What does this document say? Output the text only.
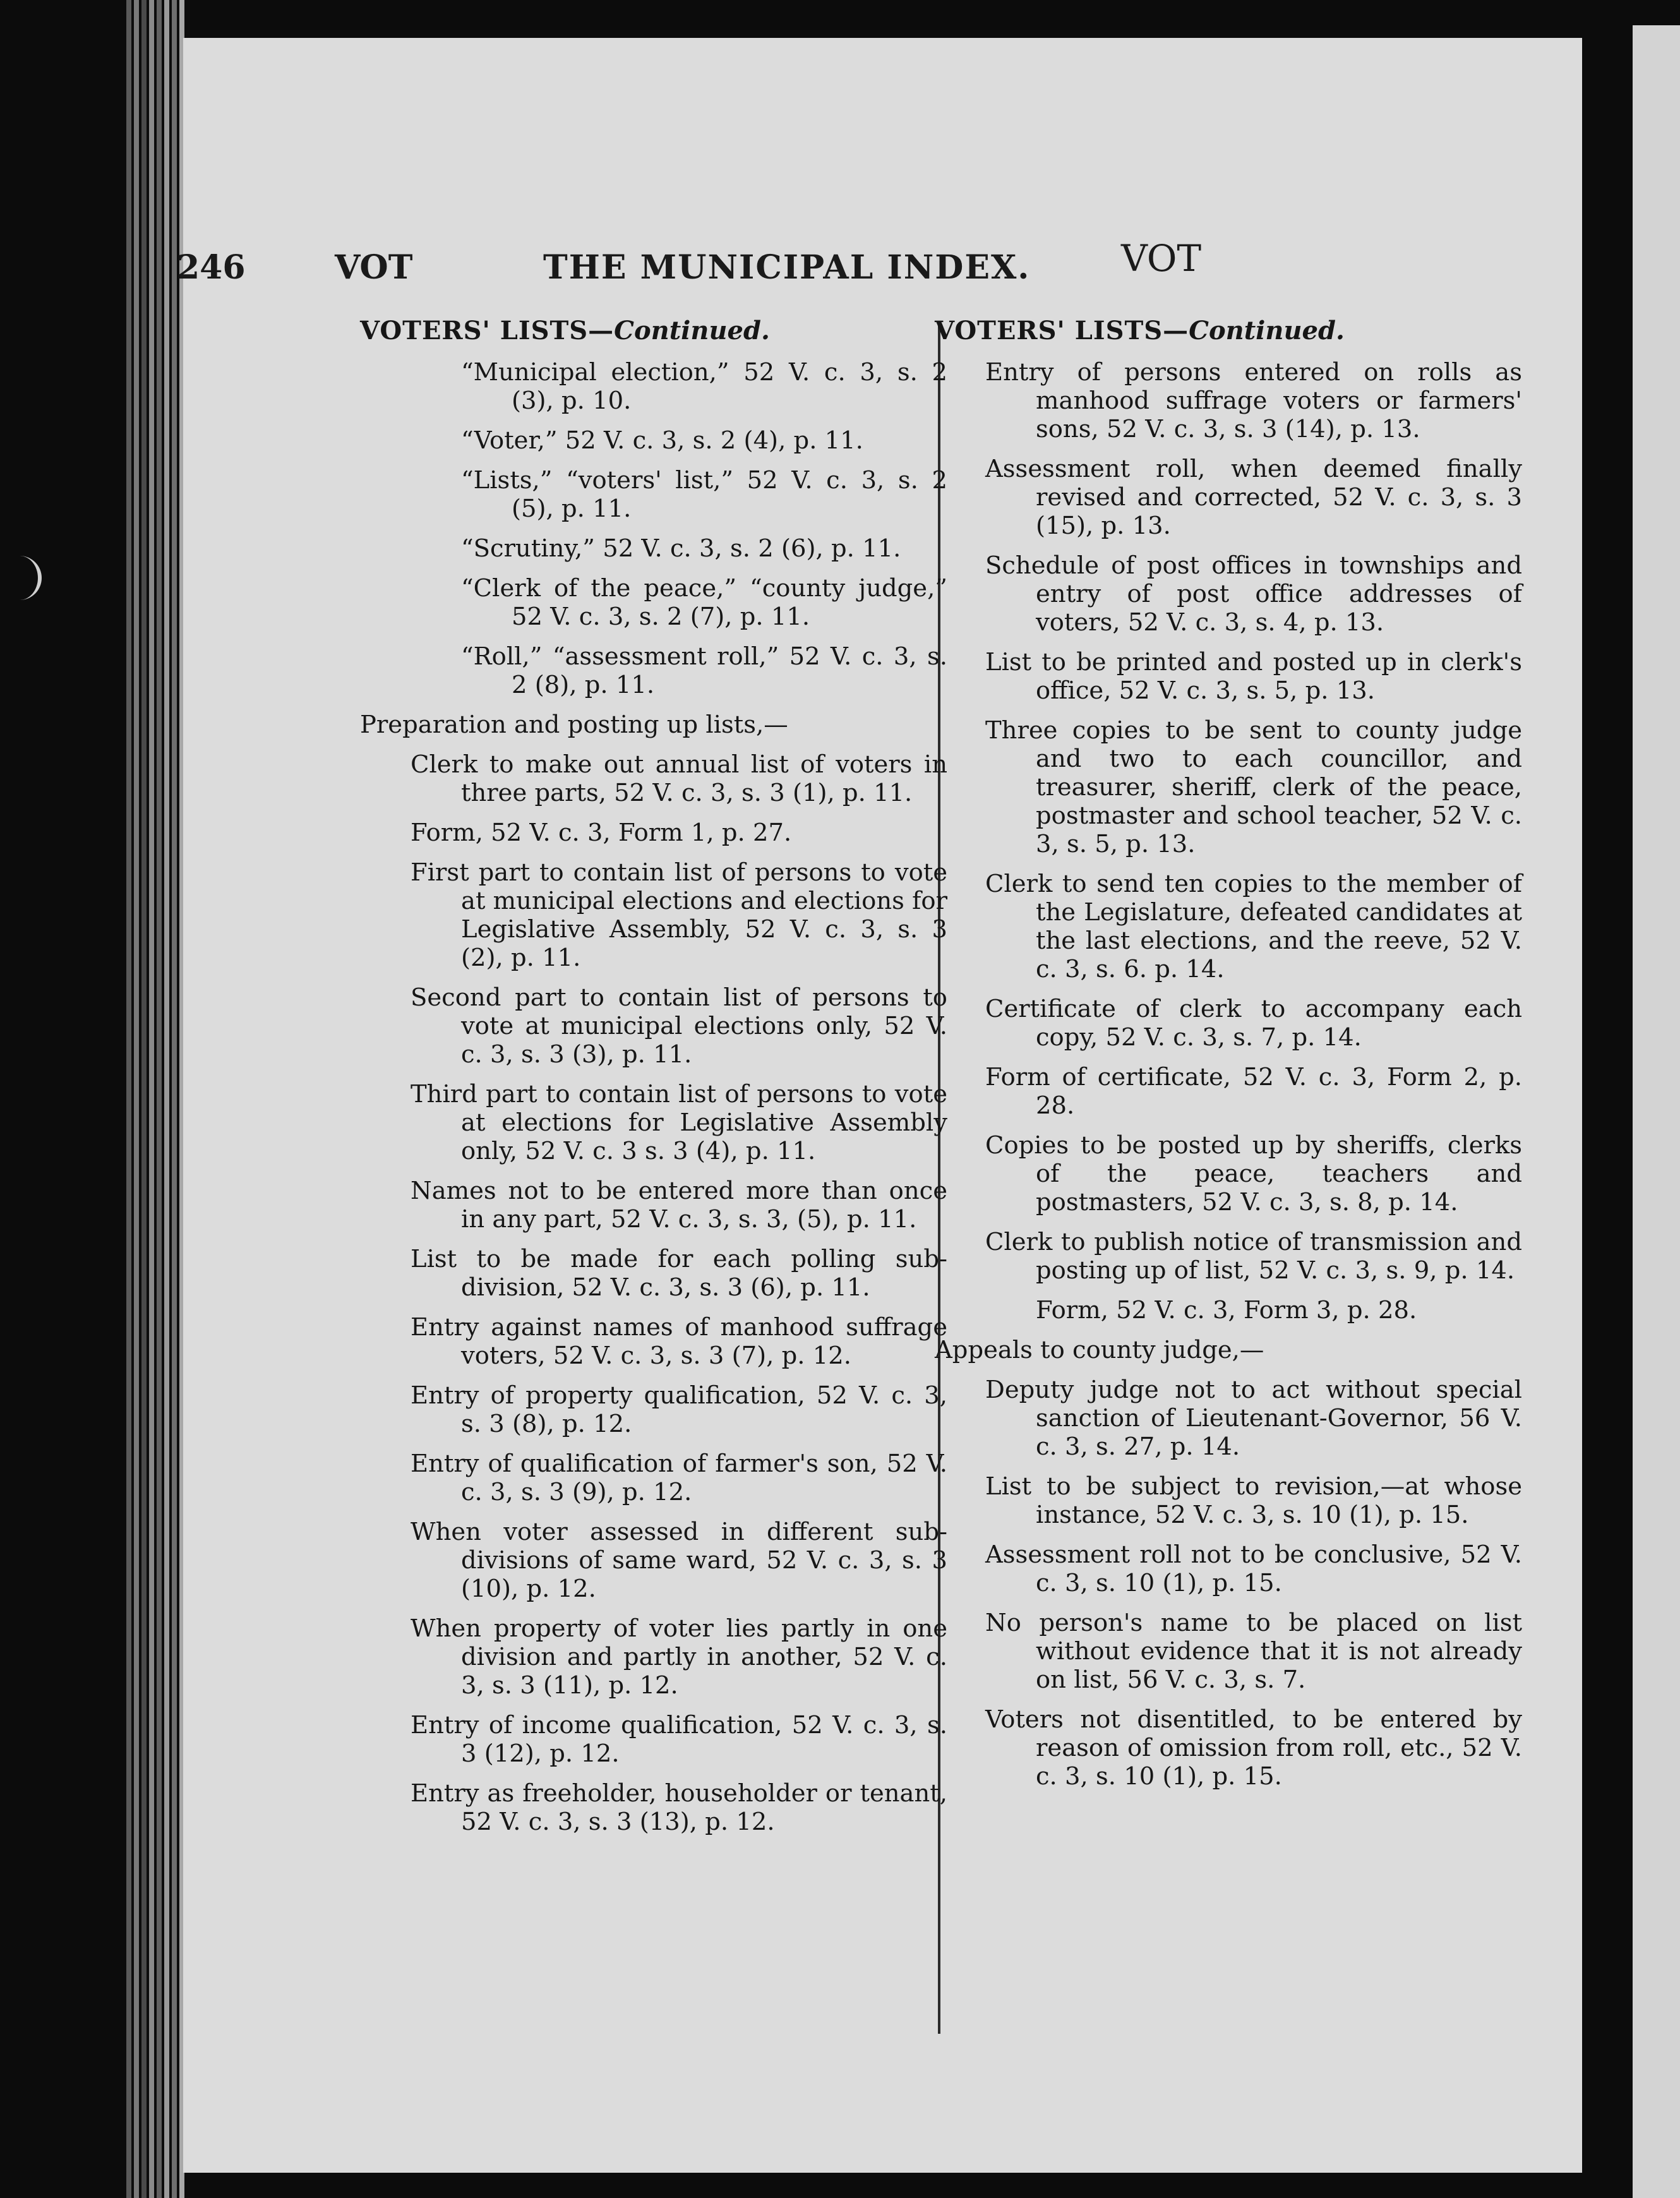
246	VOT	THE MUNICIPAL INDEX. VOT
VOTERS' LISTS—Continued.
“Municipal election,” 52 V. c. 3, s. 2 (3), p. 10.
“Voter,” 52 V. c. 3, s. 2 (4), p. 11.
“Lists,” “voters' list,” 52 V. c. 3, s. 2 (5), p. 11.
“Scrutiny,” 52 V. c. 3, s. 2 (6), p. 11.
“Clerk of the peace,” “county judge,” 52 V. c. 3, s. 2 (7), p. 11.
“Roll,” “assessment roll,” 52 V. c. 3, s. 2 (8), p. 11.
Preparation and posting up lists,—
Clerk to make out annual list of voters in three parts, 52 V. c. 3, s. 3 (1), p. 11.
Form, 52 V. c. 3, Form 1, p. 27.
First part to contain list of persons to vote at municipal elections and elections for Legislative Assembly, 52 V. c. 3, s. 3 (2), p. 11.
Second part to contain list of persons to vote at municipal elections only, 52 V. c. 3, s. 3 (3), p. 11.
Third part to contain list of persons to vote at elections for Legislative Assembly only, 52 V. c. 3 s. 3 (4), p. 11.
Names not to be entered more than once in any part, 52 V. c. 3, s. 3, (5), p. 11.
List to be made for each polling sub-division, 52 V. c. 3, s. 3 (6), p. 11.
Entry against names of manhood suffrage voters, 52 V. c. 3, s. 3 (7), p. 12.
Entry of property qualification, 52 V. c. 3, s. 3 (8), p. 12.
Entry of qualification of farmer's son, 52 V. c. 3, s. 3 (9), p. 12.
When voter assessed in different sub-divisions of same ward, 52 V. c. 3, s. 3 (10), p. 12.
When property of voter lies partly in one division and partly in another, 52 V. c. 3, s. 3 (11), p. 12.
Entry of income qualification, 52 V. c. 3, s. 3 (12), p. 12.
Entry as freeholder, householder or tenant, 52 V. c. 3, s. 3 (13), p. 12.
VOTERS' LISTS—Continued.
Entry of persons entered on rolls as manhood suffrage voters or farmers' sons, 52 V. c. 3, s. 3 (14), p. 13.
Assessment roll, when deemed finally revised and corrected, 52 V. c. 3, s. 3 (15), p. 13.
Schedule of post offices in townships and entry of post office addresses of voters, 52 V. c. 3, s. 4, p. 13.
List to be printed and posted up in clerk's office, 52 V. c. 3, s. 5, p. 13.
Three copies to be sent to county judge and two to each councillor, and treasurer, sheriff, clerk of the peace, postmaster and school teacher, 52 V. c. 3, s. 5, p. 13.
Clerk to send ten copies to the member of the Legislature, defeated candidates at the last elections, and the reeve, 52 V. c. 3, s. 6. p. 14.
Certificate of clerk to accompany each copy, 52 V. c. 3, s. 7, p. 14.
Form of certificate, 52 V. c. 3, Form 2, p. 28.
Copies to be posted up by sheriffs, clerks of the peace, teachers and postmasters, 52 V. c. 3, s. 8, p. 14.
Clerk to publish notice of transmission and posting up of list, 52 V. c. 3, s. 9, p. 14.
Form, 52 V. c. 3, Form 3, p. 28.
Appeals to county judge,—
Deputy judge not to act without special sanction of Lieutenant-Governor, 56 V. c. 3, s. 27, p. 14.
List to be subject to revision,—at whose instance, 52 V. c. 3, s. 10 (1), p. 15.
Assessment roll not to be conclusive, 52 V. c. 3, s. 10 (1), p. 15.
No person's name to be placed on list without evidence that it is not already on list, 56 V. c. 3, s. 7.
Voters not disentitled, to be entered by reason of omission from roll, etc., 52 V. c. 3, s. 10 (1), p. 15.
